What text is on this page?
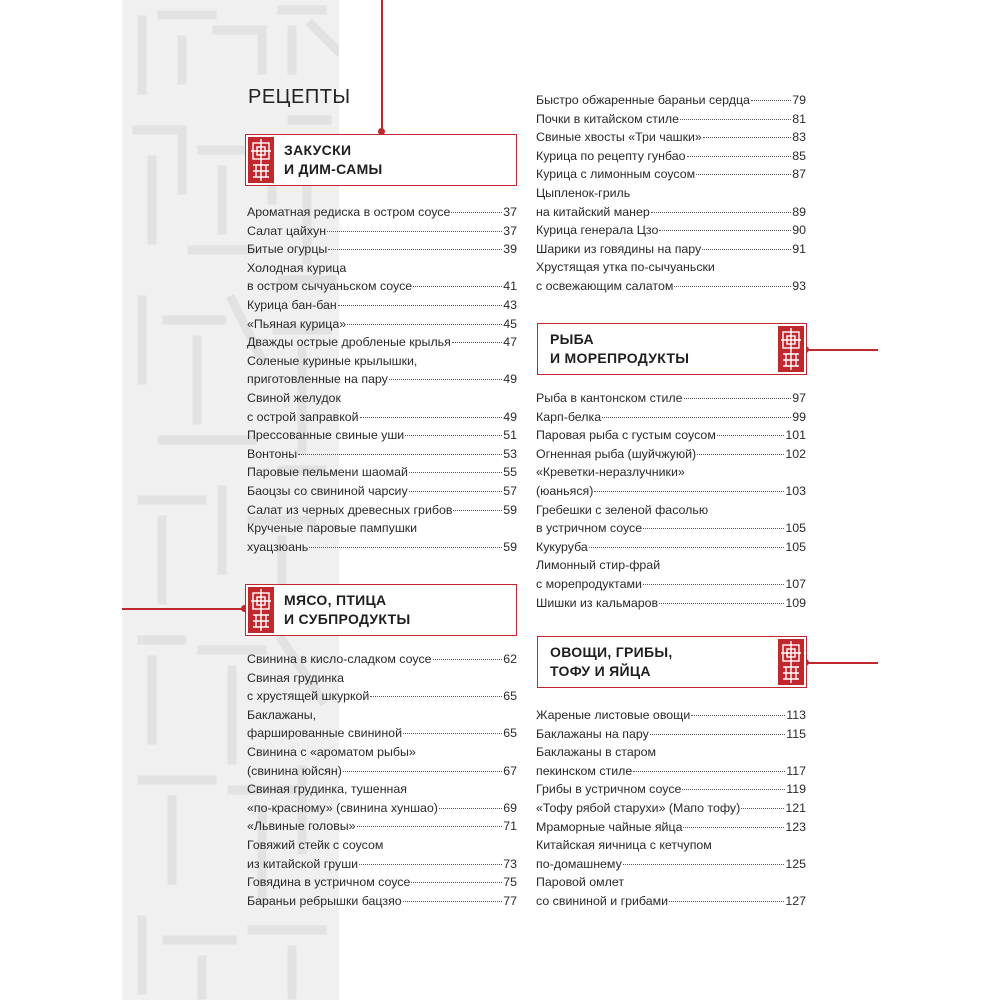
РЕЦЕПТЫ
ЗАКУСКИ
И ДИМ-САМЫ
МЯСО, ПТИЦА
И СУБПРОДУКТЫ
РЫБА
И МОРЕПРОДУКТЫ
ОВОЩИ, ГРИБЫ,
ТОФУ И ЯЙЦА
Ароматная редиска в остром соусе	37
Салат цайхун	37
Битые огурцы	39
Холодная курица
в остром сычуаньском соусе	41
Курица бан-бан	43
«Пьяная курица»	45
Дважды острые дробленые крылья	47
Соленые куриные крылышки,
приготовленные на пару	49
Свиной желудок
с острой заправкой	49
Прессованные свиные уши	51
Вонтоны	53
Паровые пельмени шаомай	55
Баоцзы со свининой чарсиу	57
Салат из черных древесных грибов	59
Крученые паровые пампушки
хуацзюань	59
Свинина в кисло-сладком соусе	62
Свиная грудинка
с хрустящей шкуркой	65
Баклажаны,
фаршированные свининой	65
Свинина с «ароматом рыбы»
(свинина юйсян)	67
Свиная грудинка, тушенная
«по-красному» (свинина хуншао)	69
«Львиные головы»	71
Говяжий стейк с соусом
из китайской груши	73
Говядина в устричном соусе	75
Бараньи ребрышки бацзяо	77
Быстро обжаренные бараньи сердца	79
Почки в китайском стиле	81
Свиные хвосты «Три чашки»	83
Курица по рецепту гунбао	85
Курица с лимонным соусом	87
Цыпленок-гриль
на китайский манер	89
Курица генерала Цзо	90
Шарики из говядины на пару	91
Хрустящая утка по-сычуаньски
с освежающим салатом	93
Рыба в кантонском стиле	97
Карп-белка	99
Паровая рыба с густым соусом	101
Огненная рыба (шуйчжуюй)	102
«Креветки-неразлучники»
(юаньяся)	103
Гребешки с зеленой фасолью
в устричном соусе	105
Кукуруба	105
Лимонный стир-фрай
с морепродуктами	107
Шишки из кальмаров	109
Жареные листовые овощи	113
Баклажаны на пару	115
Баклажаны в старом
пекинском стиле	117
Грибы в устричном соусе	119
«Тофу рябой старухи» (Мапо тофу)	121
Мраморные чайные яйца	123
Китайская яичница с кетчупом
по-домашнему	125
Паровой омлет
со свининой и грибами	127
